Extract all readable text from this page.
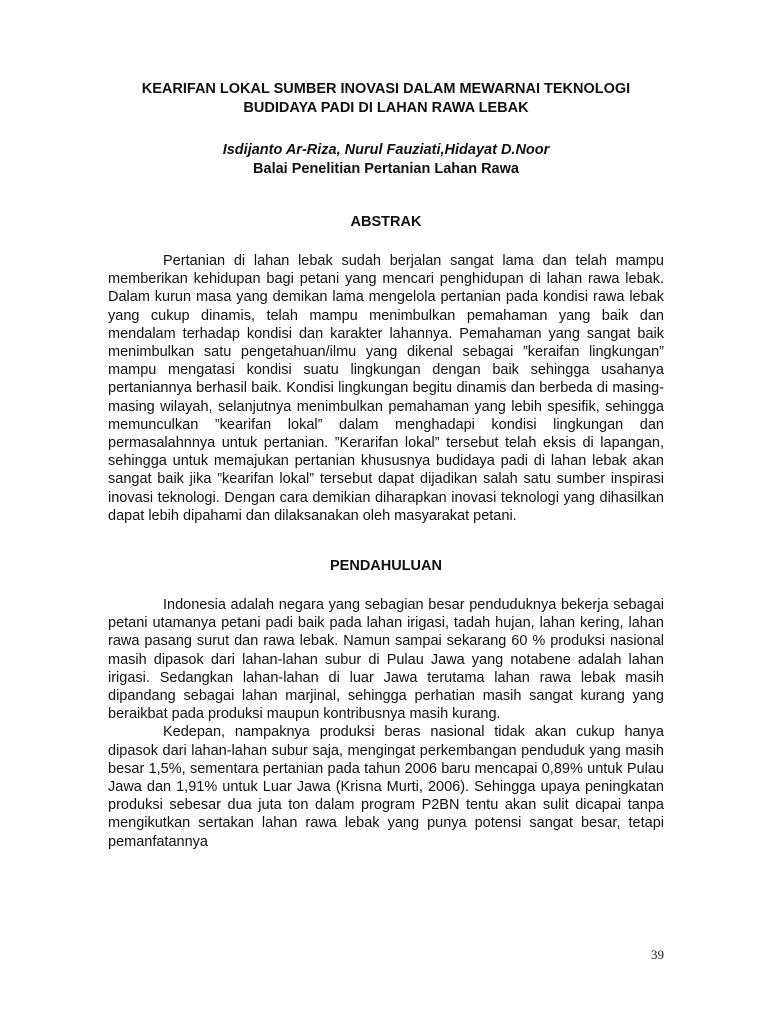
KEARIFAN LOKAL SUMBER INOVASI DALAM MEWARNAI TEKNOLOGI BUDIDAYA PADI DI LAHAN RAWA LEBAK

Isdijanto Ar-Riza, Nurul Fauziati,Hidayat D.Noor

Balai Penelitian Pertanian Lahan Rawa

ABSTRAK

Pertanian di lahan lebak sudah berjalan sangat lama dan telah mampu memberikan kehidupan bagi petani yang mencari penghidupan di lahan rawa lebak. Dalam kurun masa yang demikan lama mengelola pertanian pada kondisi rawa lebak yang cukup dinamis, telah mampu menimbulkan pemahaman yang baik dan mendalam terhadap kondisi dan karakter lahannya. Pemahaman yang sangat baik menimbulkan satu pengetahuan/ilmu yang dikenal sebagai ”keraifan lingkungan” mampu mengatasi kondisi suatu lingkungan dengan baik sehingga usahanya pertaniannya berhasil baik. Kondisi lingkungan begitu dinamis dan berbeda di masing-masing wilayah, selanjutnya menimbulkan pemahaman yang lebih spesifik, sehingga memunculkan ”kearifan lokal” dalam menghadapi kondisi lingkungan dan permasalahnnya untuk pertanian. ”Kerarifan lokal” tersebut telah eksis di lapangan, sehingga untuk memajukan pertanian khususnya budidaya padi di lahan lebak akan sangat baik jika ”kearifan lokal” tersebut dapat dijadikan salah satu sumber inspirasi inovasi teknologi. Dengan cara demikian diharapkan inovasi teknologi yang dihasilkan dapat lebih dipahami dan dilaksanakan oleh masyarakat petani.

PENDAHULUAN

Indonesia adalah negara yang sebagian besar penduduknya bekerja sebagai petani utamanya petani padi baik pada lahan irigasi, tadah hujan, lahan kering, lahan rawa pasang surut dan rawa lebak. Namun sampai sekarang 60 % produksi nasional masih dipasok dari lahan-lahan subur di Pulau Jawa yang notabene adalah lahan irigasi. Sedangkan lahan-lahan di luar Jawa terutama lahan rawa lebak masih dipandang sebagai lahan marjinal, sehingga perhatian masih sangat kurang yang beraikbat pada produksi maupun kontribusnya masih kurang.

Kedepan, nampaknya produksi beras nasional tidak akan cukup hanya dipasok dari lahan-lahan subur saja, mengingat perkembangan penduduk yang masih besar 1,5%, sementara pertanian pada tahun 2006 baru mencapai 0,89% untuk Pulau Jawa dan 1,91% untuk Luar Jawa (Krisna Murti, 2006). Sehingga upaya peningkatan produksi sebesar dua juta ton dalam program P2BN tentu akan sulit dicapai tanpa mengikutkan sertakan lahan rawa lebak yang punya potensi sangat besar, tetapi pemanfatannya

39
